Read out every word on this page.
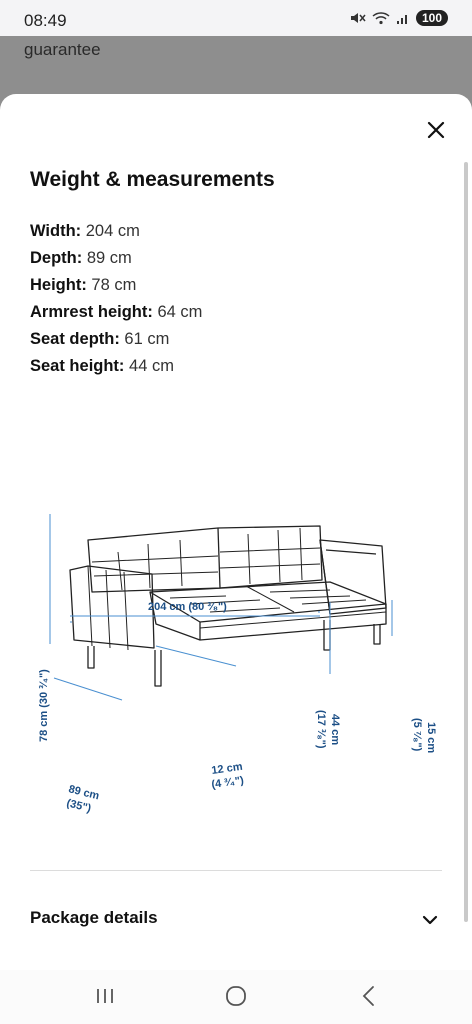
08:49	100
guarantee
Weight & measurements
Width: 204 cm
Depth: 89 cm
Height: 78 cm
Armrest height: 64 cm
Seat depth: 61 cm
Seat height: 44 cm
204 cm (80 ³⁄₈")
78 cm (30 ³⁄₄")
89 cm
(35")
12 cm
(4 ³⁄₄")
44 cm
(17 ³⁄₈")	15 cm
(5 ⁷⁄₈")
Package details
